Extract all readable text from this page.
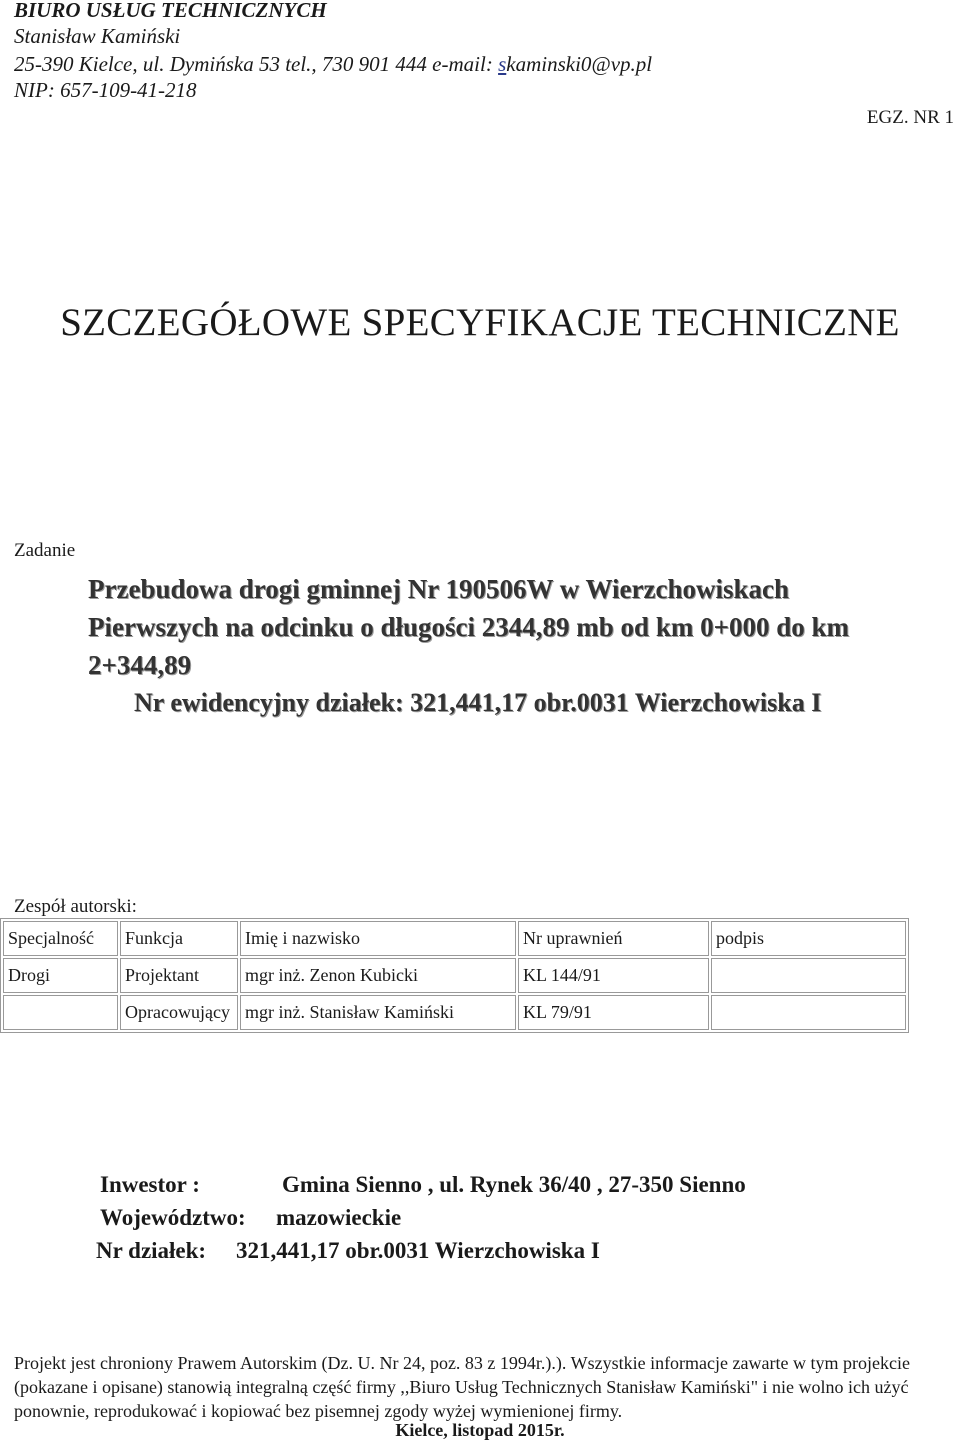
BIURO USŁUG TECHNICZNYCH
Stanisław Kamiński
25-390 Kielce, ul. Dymińska 53 tel., 730 901 444 e-mail: skaminski0@vp.pl
NIP: 657-109-41-218
EGZ. NR 1
SZCZEGÓŁOWE SPECYFIKACJE TECHNICZNE
Zadanie
Przebudowa drogi gminnej Nr 190506W w Wierzchowiskach
Pierwszych na odcinku o długości 2344,89 mb od km 0+000 do km
2+344,89
Nr ewidencyjny działek: 321,441,17 obr.0031 Wierzchowiska I
Zespół autorski:
Specjalność	Funkcja	Imię i nazwisko	Nr uprawnień	podpis
Drogi	Projektant	mgr inż. Zenon Kubicki	KL 144/91	
	Opracowujący	mgr inż. Stanisław Kamiński	KL 79/91	
Inwestor :	Gmina Sienno , ul. Rynek 36/40 , 27-350 Sienno
Województwo: mazowieckie
Nr działek: 321,441,17 obr.0031 Wierzchowiska I
Projekt jest chroniony Prawem Autorskim (Dz. U. Nr 24, poz. 83 z 1994r.).). Wszystkie informacje zawarte w tym projekcie
(pokazane i opisane) stanowią integralną część firmy ,,Biuro Usług Technicznych Stanisław Kamiński" i nie wolno ich użyć
ponownie, reprodukować i kopiować bez pisemnej zgody wyżej wymienionej firmy.
Kielce, listopad 2015r.
